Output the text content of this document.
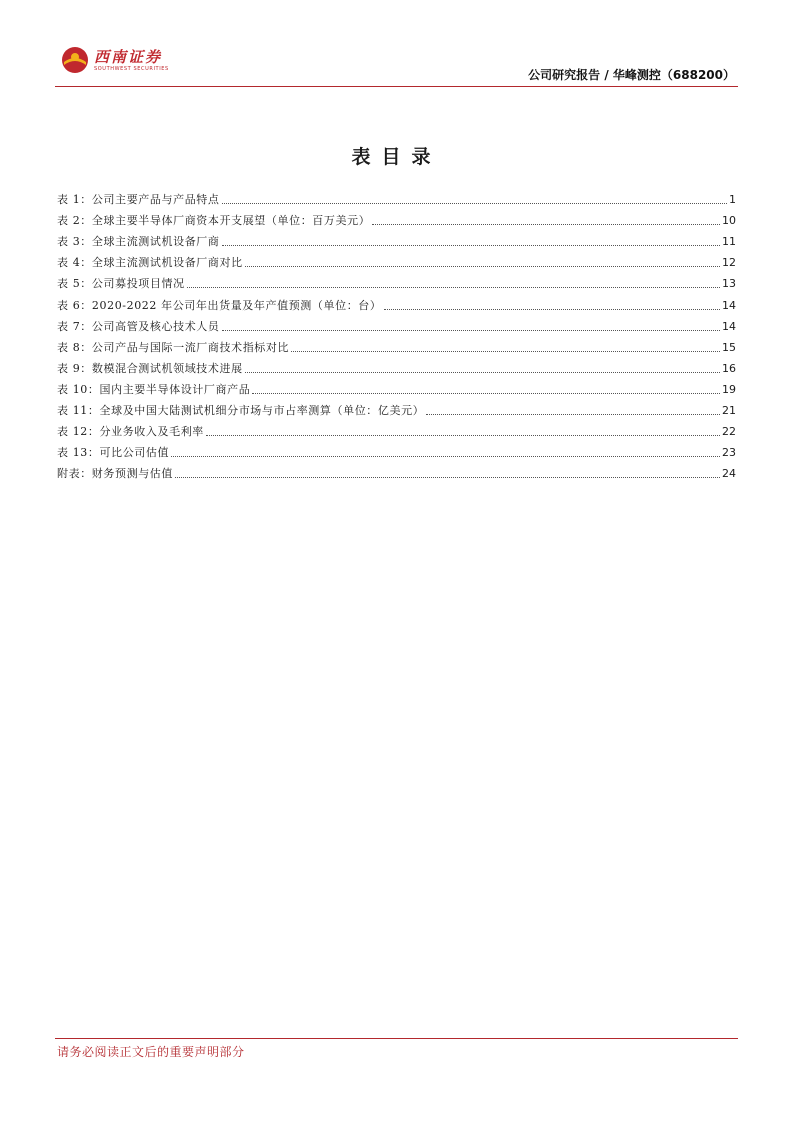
西南证券
SOUTHWEST SECURITIES	公司研究报告 / 华峰测控（688200）
表目录
表 1：公司主要产品与产品特点	1
表 2：全球主要半导体厂商资本开支展望（单位：百万美元）	10
表 3：全球主流测试机设备厂商	11
表 4：全球主流测试机设备厂商对比	12
表 5：公司募投项目情况	13
表 6：2020-2022 年公司年出货量及年产值预测（单位：台）	14
表 7：公司高管及核心技术人员	14
表 8：公司产品与国际一流厂商技术指标对比	15
表 9：数模混合测试机领域技术进展	16
表 10：国内主要半导体设计厂商产品	19
表 11：全球及中国大陆测试机细分市场与市占率测算（单位：亿美元）	21
表 12：分业务收入及毛利率	22
表 13：可比公司估值	23
附表：财务预测与估值	24
请务必阅读正文后的重要声明部分
